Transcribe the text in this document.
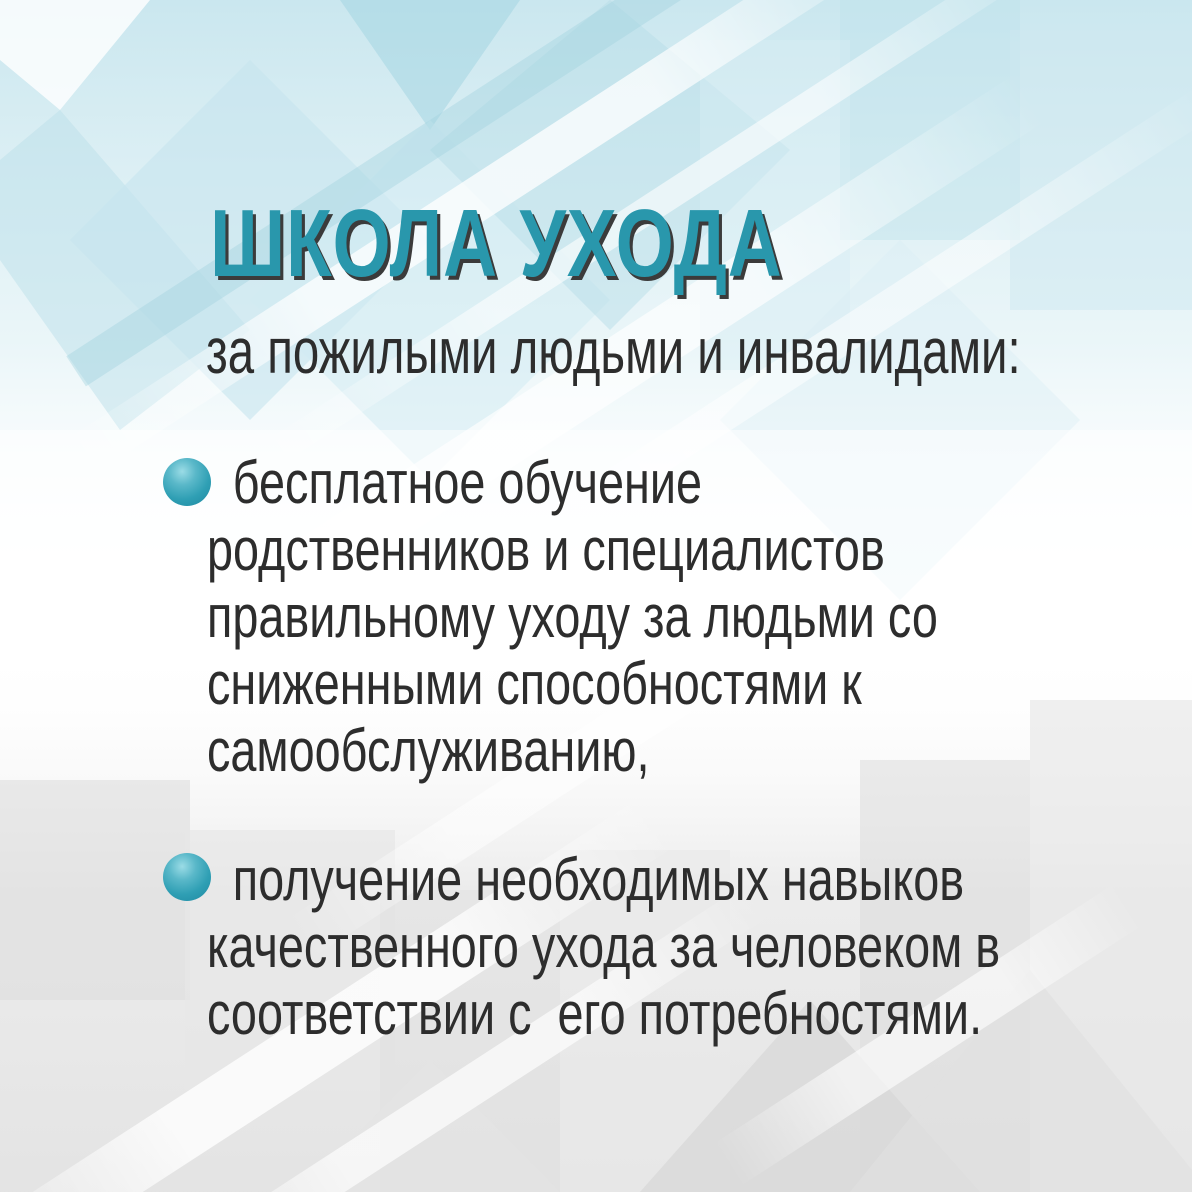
ШКОЛА УХОДА
за пожилыми людьми и инвалидами:
бесплатное обучение
родственников и специалистов
правильному уходу за людьми со
сниженными способностями к
самообслуживанию,
получение необходимых навыков
качественного ухода за человеком в
соответствии с  его потребностями.
